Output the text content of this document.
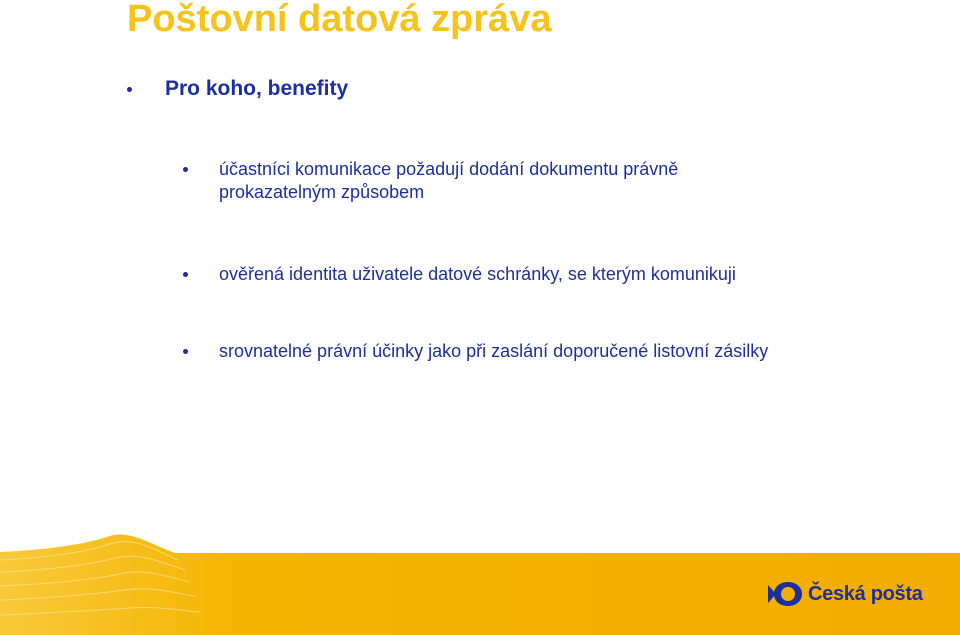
Poštovní datová zpráva
Pro koho, benefity
účastníci komunikace požadují dodání dokumentu právně
prokazatelným způsobem
ověřená identita uživatele datové schránky, se kterým komunikuji
srovnatelné právní účinky jako při zaslání doporučené listovní zásilky
Česká pošta
